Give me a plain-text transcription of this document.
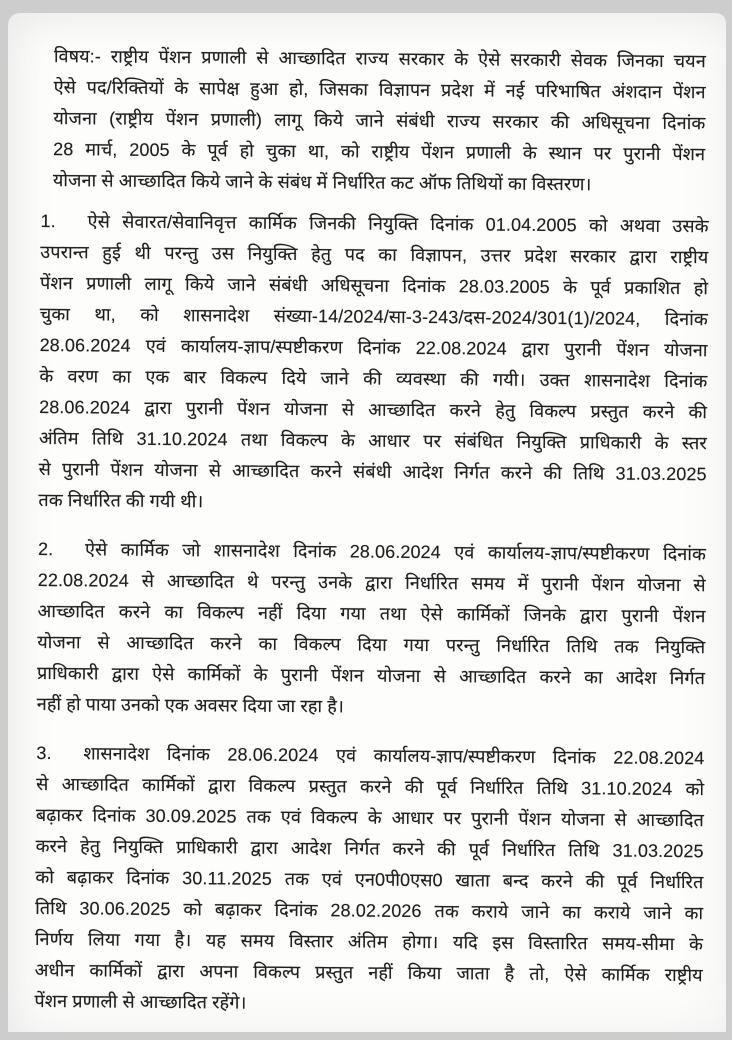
विषय:- राष्ट्रीय पेंशन प्रणाली से आच्छादित राज्य सरकार के ऐसे सरकारी सेवक जिनका चयन
ऐसे पद/रिक्तियों के सापेक्ष हुआ हो, जिसका विज्ञापन प्रदेश में नई परिभाषित अंशदान पेंशन
योजना (राष्ट्रीय पेंशन प्रणाली) लागू किये जाने संबंधी राज्य सरकार की अधिसूचना दिनांक
28 मार्च, 2005 के पूर्व हो चुका था, को राष्ट्रीय पेंशन प्रणाली के स्थान पर पुरानी पेंशन
योजना से आच्छादित किये जाने के संबंध में निर्धारित कट ऑफ तिथियों का विस्तरण।
1. ऐसे सेवारत/सेवानिवृत्त कार्मिक जिनकी नियुक्ति दिनांक 01.04.2005 को अथवा उसके
उपरान्त हुई थी परन्तु उस नियुक्ति हेतु पद का विज्ञापन, उत्तर प्रदेश सरकार द्वारा राष्ट्रीय
पेंशन प्रणाली लागू किये जाने संबंधी अधिसूचना दिनांक 28.03.2005 के पूर्व प्रकाशित हो
चुका था, को शासनादेश संख्या-14/2024/सा-3-243/दस-2024/301(1)/2024, दिनांक
28.06.2024 एवं कार्यालय-ज्ञाप/स्पष्टीकरण दिनांक 22.08.2024 द्वारा पुरानी पेंशन योजना
के वरण का एक बार विकल्प दिये जाने की व्यवस्था की गयी। उक्त शासनादेश दिनांक
28.06.2024 द्वारा पुरानी पेंशन योजना से आच्छादित करने हेतु विकल्प प्रस्तुत करने की
अंतिम तिथि 31.10.2024 तथा विकल्प के आधार पर संबंधित नियुक्ति प्राधिकारी के स्तर
से पुरानी पेंशन योजना से आच्छादित करने संबंधी आदेश निर्गत करने की तिथि 31.03.2025
तक निर्धारित की गयी थी।
2. ऐसे कार्मिक जो शासनादेश दिनांक 28.06.2024 एवं कार्यालय-ज्ञाप/स्पष्टीकरण दिनांक
22.08.2024 से आच्छादित थे परन्तु उनके द्वारा निर्धारित समय में पुरानी पेंशन योजना से
आच्छादित करने का विकल्प नहीं दिया गया तथा ऐसे कार्मिकों जिनके द्वारा पुरानी पेंशन
योजना से आच्छादित करने का विकल्प दिया गया परन्तु निर्धारित तिथि तक नियुक्ति
प्राधिकारी द्वारा ऐसे कार्मिकों के पुरानी पेंशन योजना से आच्छादित करने का आदेश निर्गत
नहीं हो पाया उनको एक अवसर दिया जा रहा है।
3. शासनादेश दिनांक 28.06.2024 एवं कार्यालय-ज्ञाप/स्पष्टीकरण दिनांक 22.08.2024
से आच्छादित कार्मिकों द्वारा विकल्प प्रस्तुत करने की पूर्व निर्धारित तिथि 31.10.2024 को
बढ़ाकर दिनांक 30.09.2025 तक एवं विकल्प के आधार पर पुरानी पेंशन योजना से आच्छादित
करने हेतु नियुक्ति प्राधिकारी द्वारा आदेश निर्गत करने की पूर्व निर्धारित तिथि 31.03.2025
को बढ़ाकर दिनांक 30.11.2025 तक एवं एन0पी0एस0 खाता बन्द करने की पूर्व निर्धारित
तिथि 30.06.2025 को बढ़ाकर दिनांक 28.02.2026 तक कराये जाने का कराये जाने का
निर्णय लिया गया है। यह समय विस्तार अंतिम होगा। यदि इस विस्तारित समय-सीमा के
अधीन कार्मिकों द्वारा अपना विकल्प प्रस्तुत नहीं किया जाता है तो, ऐसे कार्मिक राष्ट्रीय
पेंशन प्रणाली से आच्छादित रहेंगे।
